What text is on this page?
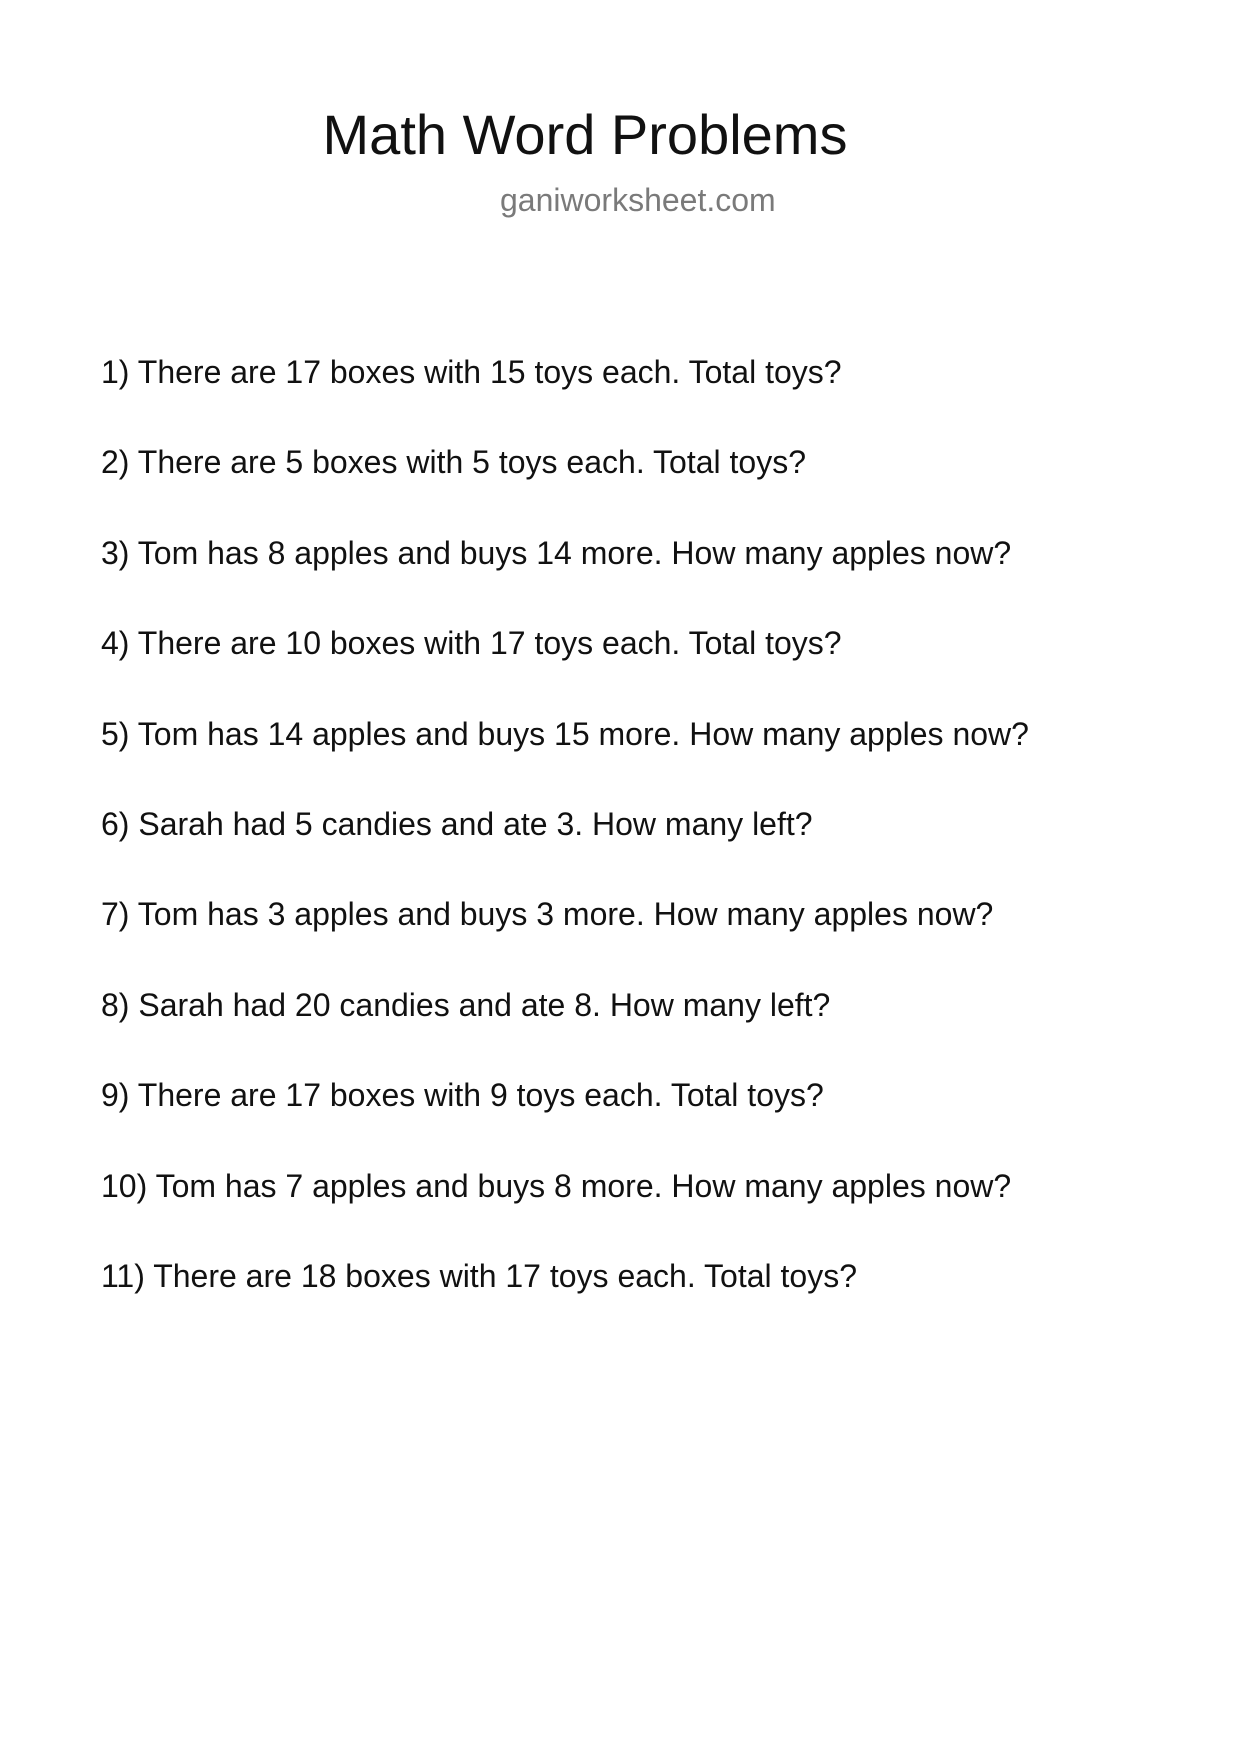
Math Word Problems
ganiworksheet.com
1) There are 17 boxes with 15 toys each. Total toys?
2) There are 5 boxes with 5 toys each. Total toys?
3) Tom has 8 apples and buys 14 more. How many apples now?
4) There are 10 boxes with 17 toys each. Total toys?
5) Tom has 14 apples and buys 15 more. How many apples now?
6) Sarah had 5 candies and ate 3. How many left?
7) Tom has 3 apples and buys 3 more. How many apples now?
8) Sarah had 20 candies and ate 8. How many left?
9) There are 17 boxes with 9 toys each. Total toys?
10) Tom has 7 apples and buys 8 more. How many apples now?
11) There are 18 boxes with 17 toys each. Total toys?
